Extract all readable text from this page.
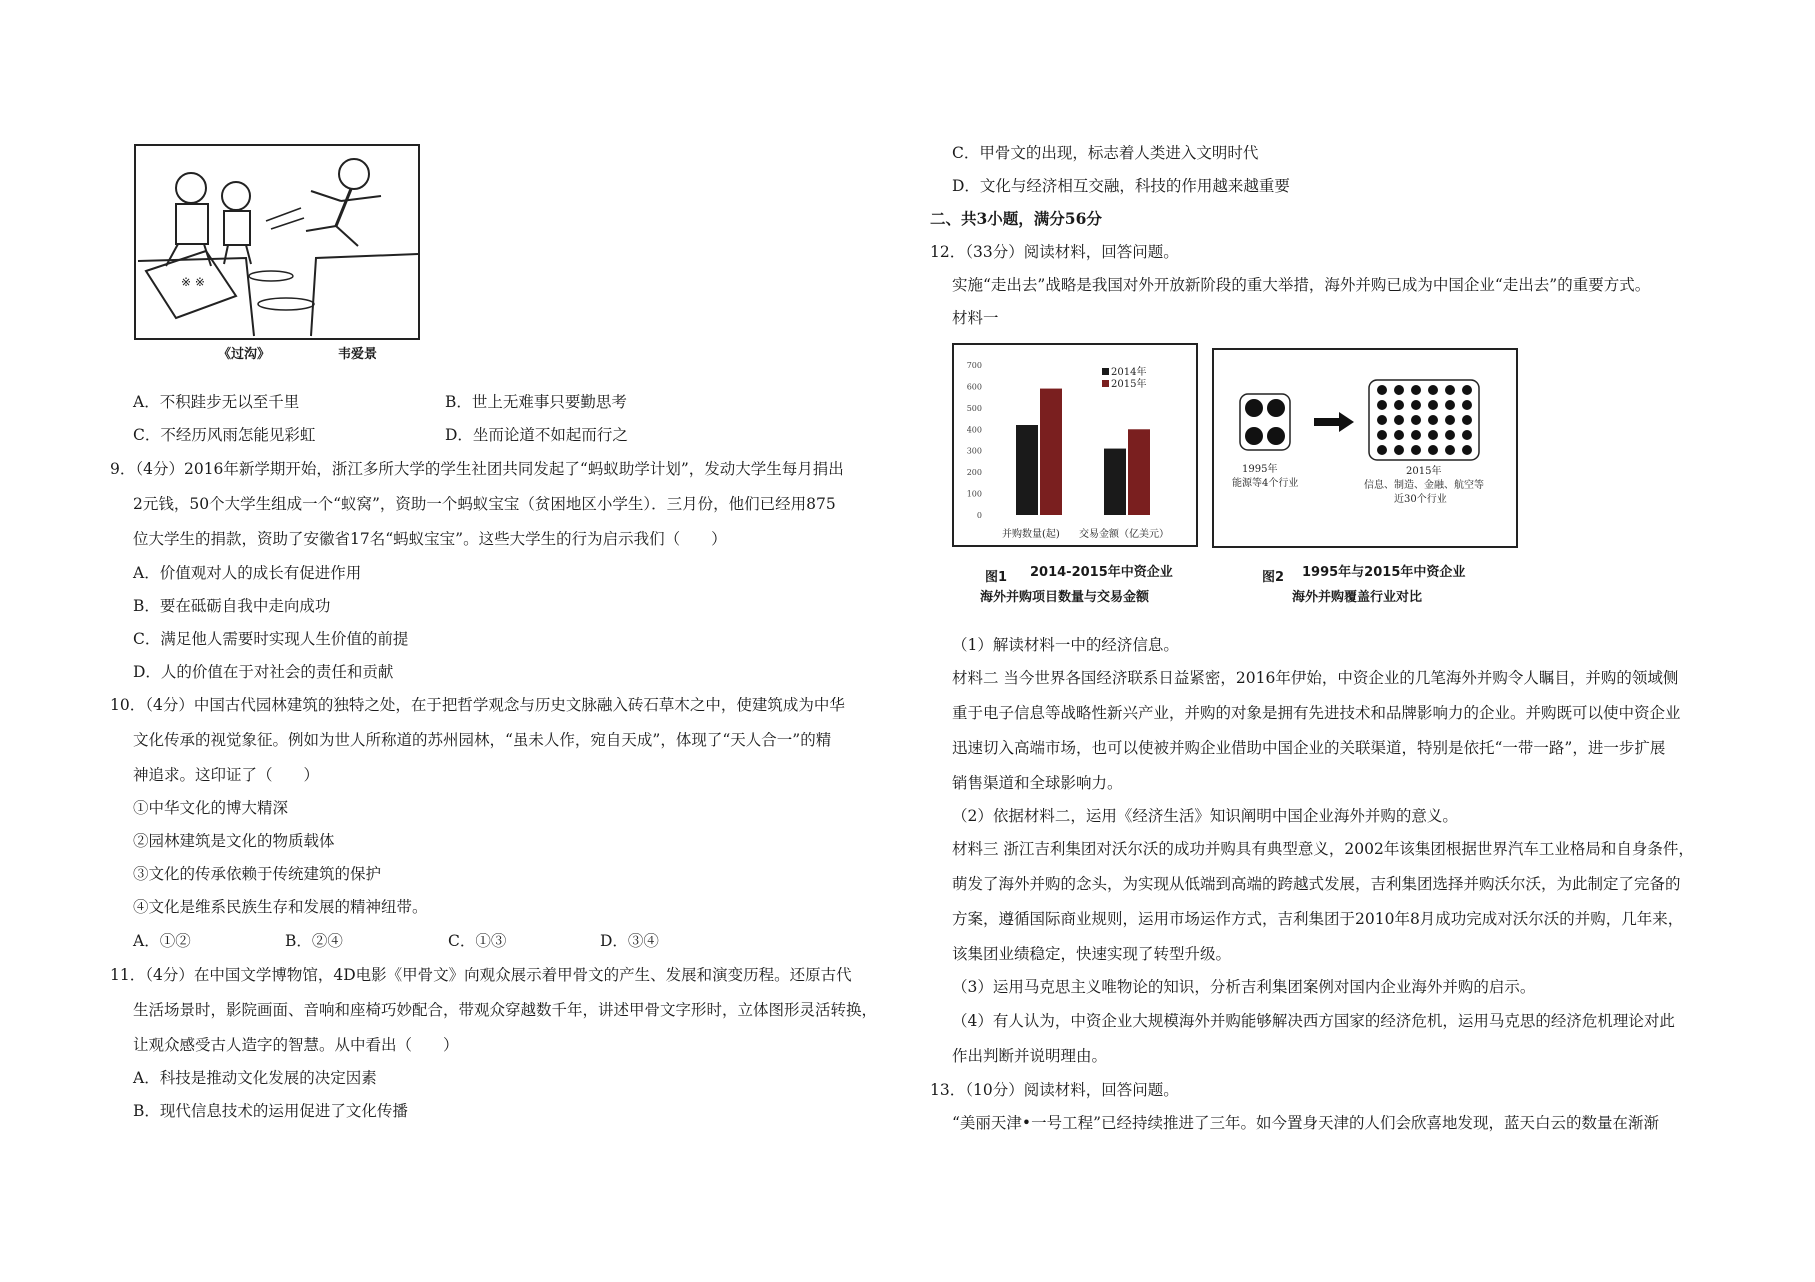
※ ※
《过沟》	韦爱景
A．不积跬步无以至千里	B．世上无难事只要勤思考
C．不经历风雨怎能见彩虹	D．坐而论道不如起而行之
9．（4分）2016年新学期开始，浙江多所大学的学生社团共同发起了“蚂蚁助学计划”，发动大学生每月捐出
2元钱，50个大学生组成一个“蚁窝”，资助一个蚂蚁宝宝（贫困地区小学生）．三月份，他们已经用875
位大学生的捐款，资助了安徽省17名“蚂蚁宝宝”。这些大学生的行为启示我们（　　）
A．价值观对人的成长有促进作用
B．要在砥砺自我中走向成功
C．满足他人需要时实现人生价值的前提
D．人的价值在于对社会的责任和贡献
10．（4分）中国古代园林建筑的独特之处，在于把哲学观念与历史文脉融入砖石草木之中，使建筑成为中华
文化传承的视觉象征。例如为世人所称道的苏州园林，“虽未人作，宛自天成”，体现了“天人合一”的精
神追求。这印证了（　　）
①中华文化的博大精深
②园林建筑是文化的物质载体
③文化的传承依赖于传统建筑的保护
④文化是维系民族生存和发展的精神纽带。
A．①②	B．②④	C．①③	D．③④
11．（4分）在中国文学博物馆，4D电影《甲骨文》向观众展示着甲骨文的产生、发展和演变历程。还原古代
生活场景时，影院画面、音响和座椅巧妙配合，带观众穿越数千年，讲述甲骨文字形时，立体图形灵活转换，
让观众感受古人造字的智慧。从中看出（　　）
A．科技是推动文化发展的决定因素
B．现代信息技术的运用促进了文化传播
C．甲骨文的出现，标志着人类进入文明时代
D．文化与经济相互交融，科技的作用越来越重要
二、共3小题，满分56分
12．（33分）阅读材料，回答问题。
实施“走出去”战略是我国对外开放新阶段的重大举措，海外并购已成为中国企业“走出去”的重要方式。
材料一
0
100
200
300
400
500
600
700
2014年
2015年
并购数量(起) 交易金额（亿美元）
图1 2014-2015年中资企业
海外并购项目数量与交易金额
1995年
能源等4个行业
2015年
信息、制造、金融、航空等
近30个行业
图2 1995年与2015年中资企业
海外并购覆盖行业对比
（1）解读材料一中的经济信息。
材料二 当今世界各国经济联系日益紧密，2016年伊始，中资企业的几笔海外并购令人瞩目，并购的领域侧
重于电子信息等战略性新兴产业，并购的对象是拥有先进技术和品牌影响力的企业。并购既可以使中资企业
迅速切入高端市场，也可以使被并购企业借助中国企业的关联渠道，特别是依托“一带一路”，进一步扩展
销售渠道和全球影响力。
（2）依据材料二，运用《经济生活》知识阐明中国企业海外并购的意义。
材料三 浙江吉利集团对沃尔沃的成功并购具有典型意义，2002年该集团根据世界汽车工业格局和自身条件，
萌发了海外并购的念头，为实现从低端到高端的跨越式发展，吉利集团选择并购沃尔沃，为此制定了完备的
方案，遵循国际商业规则，运用市场运作方式，吉利集团于2010年8月成功完成对沃尔沃的并购，几年来，
该集团业绩稳定，快速实现了转型升级。
（3）运用马克思主义唯物论的知识，分析吉利集团案例对国内企业海外并购的启示。
（4）有人认为，中资企业大规模海外并购能够解决西方国家的经济危机，运用马克思的经济危机理论对此
作出判断并说明理由。
13．（10分）阅读材料，回答问题。
“美丽天津•一号工程”已经持续推进了三年。如今置身天津的人们会欣喜地发现，蓝天白云的数量在渐渐
